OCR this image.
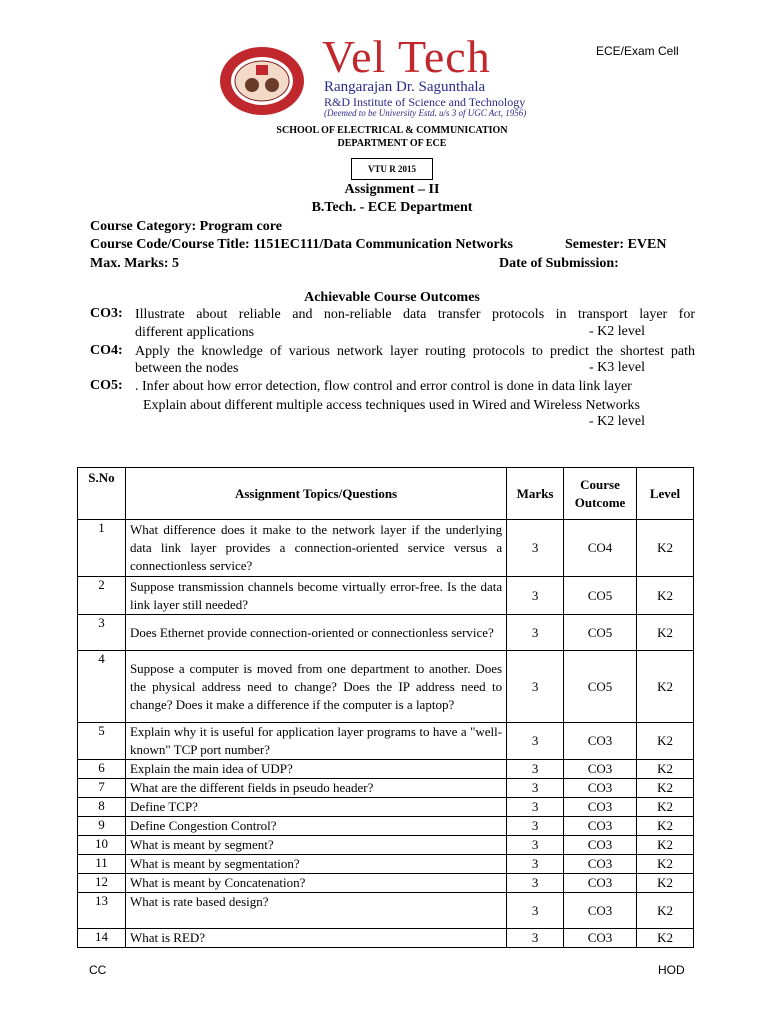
Vel Tech
Rangarajan Dr. Sagunthala
R&D Institute of Science and Technology
(Deemed to be University Estd. u/s 3 of UGC Act, 1956)
ECE/Exam Cell
SCHOOL OF ELECTRICAL & COMMUNICATION
DEPARTMENT OF ECE
VTU R 2015
Assignment – II
B.Tech. - ECE Department
Course Category: Program core
Course Code/Course Title: 1151EC111/Data Communication Networks	Semester: EVEN
Max. Marks: 5	Date of Submission:
Achievable Course Outcomes
CO3: Illustrate about reliable and non-reliable data transfer protocols in transport layer for
different applications	- K2 level
CO4: Apply the knowledge of various network layer routing protocols to predict the shortest path
between the nodes	- K3 level
CO5: . Infer about how error detection, flow control and error control is done in data link layer
Explain about different multiple access techniques used in Wired and Wireless Networks
- K2 level
S.No	Assignment Topics/Questions	Marks	Course Outcome	Level
1	What difference does it make to the network layer if the underlying data link layer provides a connection-oriented service versus a connectionless service?	3	CO4	K2
2	Suppose transmission channels become virtually error-free. Is the data link layer still needed?	3	CO5	K2
3	Does Ethernet provide connection-oriented or connectionless service?	3	CO5	K2
4	Suppose a computer is moved from one department to another. Does the physical address need to change? Does the IP address need to change? Does it make a difference if the computer is a laptop?	3	CO5	K2
5	Explain why it is useful for application layer programs to have a "well-known" TCP port number?	3	CO3	K2
6	Explain the main idea of UDP?	3	CO3	K2
7	What are the different fields in pseudo header?	3	CO3	K2
8	Define TCP?	3	CO3	K2
9	Define Congestion Control?	3	CO3	K2
10	What is meant by segment?	3	CO3	K2
11	What is meant by segmentation?	3	CO3	K2
12	What is meant by Concatenation?	3	CO3	K2
13	What is rate based design?	3	CO3	K2
14	What is RED?	3	CO3	K2
CC	HOD
